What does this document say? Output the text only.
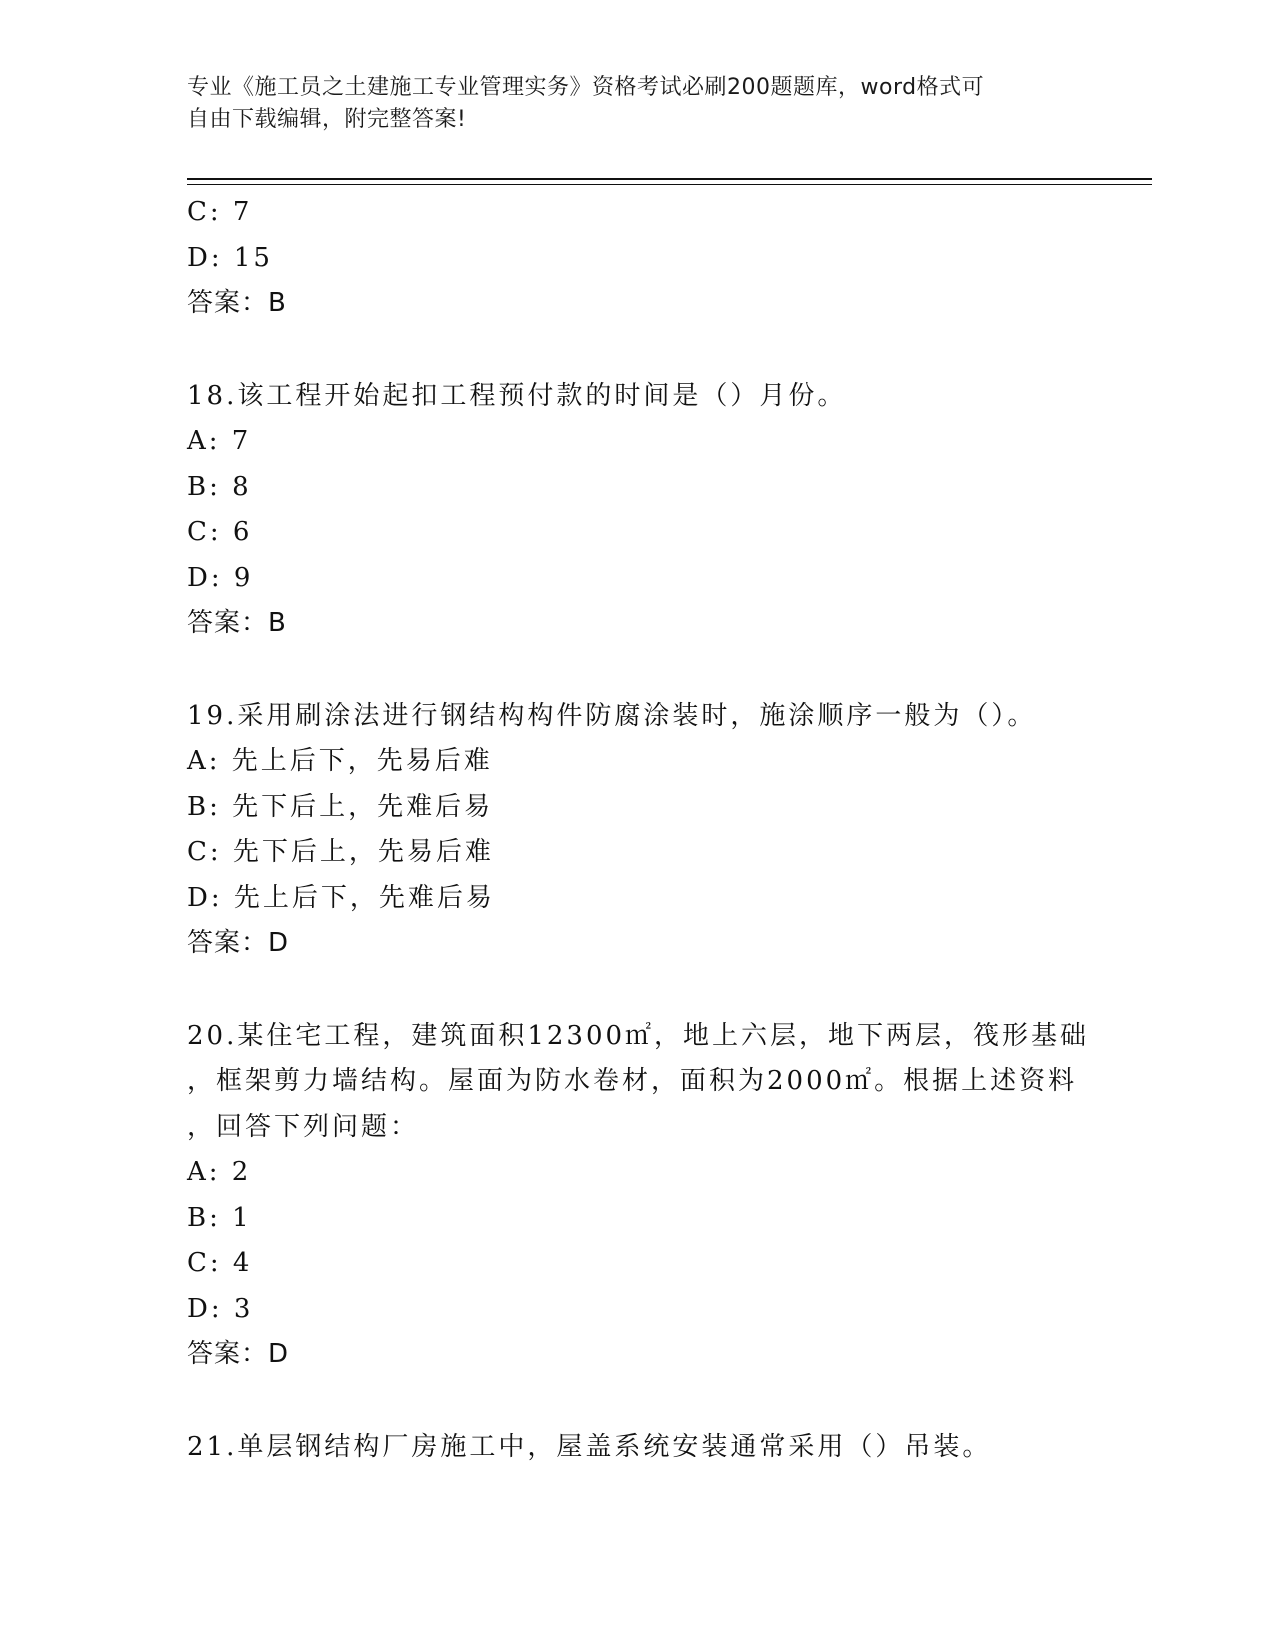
专业《施工员之土建施工专业管理实务》资格考试必刷200题题库，word格式可
自由下载编辑，附完整答案!
C: 7
D: 15
答案：B
18.该工程开始起扣工程预付款的时间是（）月份。
A: 7
B: 8
C: 6
D: 9
答案：B
19.采用刷涂法进行钢结构构件防腐涂装时，施涂顺序一般为（）。
A: 先上后下，先易后难
B: 先下后上，先难后易
C: 先下后上，先易后难
D: 先上后下，先难后易
答案：D
20.某住宅工程，建筑面积12300㎡，地上六层，地下两层，筏形基础
，框架剪力墙结构。屋面为防水卷材，面积为2000㎡。根据上述资料
，回答下列问题：
A: 2
B: 1
C: 4
D: 3
答案：D
21.单层钢结构厂房施工中，屋盖系统安装通常采用（）吊装。
